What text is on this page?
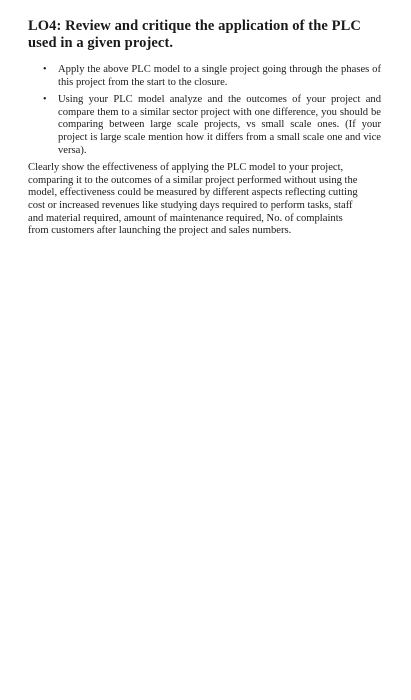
LO4: Review and critique the application of the PLC used in a given project.
• Apply the above PLC model to a single project going through the phases of this project from the start to the closure.
• Using your PLC model analyze and the outcomes of your project and compare them to a similar sector project with one difference, you should be comparing between large scale projects, vs small scale ones. (If your project is large scale mention how it differs from a small scale one and vice versa).

Clearly show the effectiveness of applying the PLC model to your project, comparing it to the outcomes of a similar project performed without using the model, effectiveness could be measured by different aspects reflecting cutting cost or increased revenues like studying days required to perform tasks, staff and material required, amount of maintenance required, No. of complaints from customers after launching the project and sales numbers.
